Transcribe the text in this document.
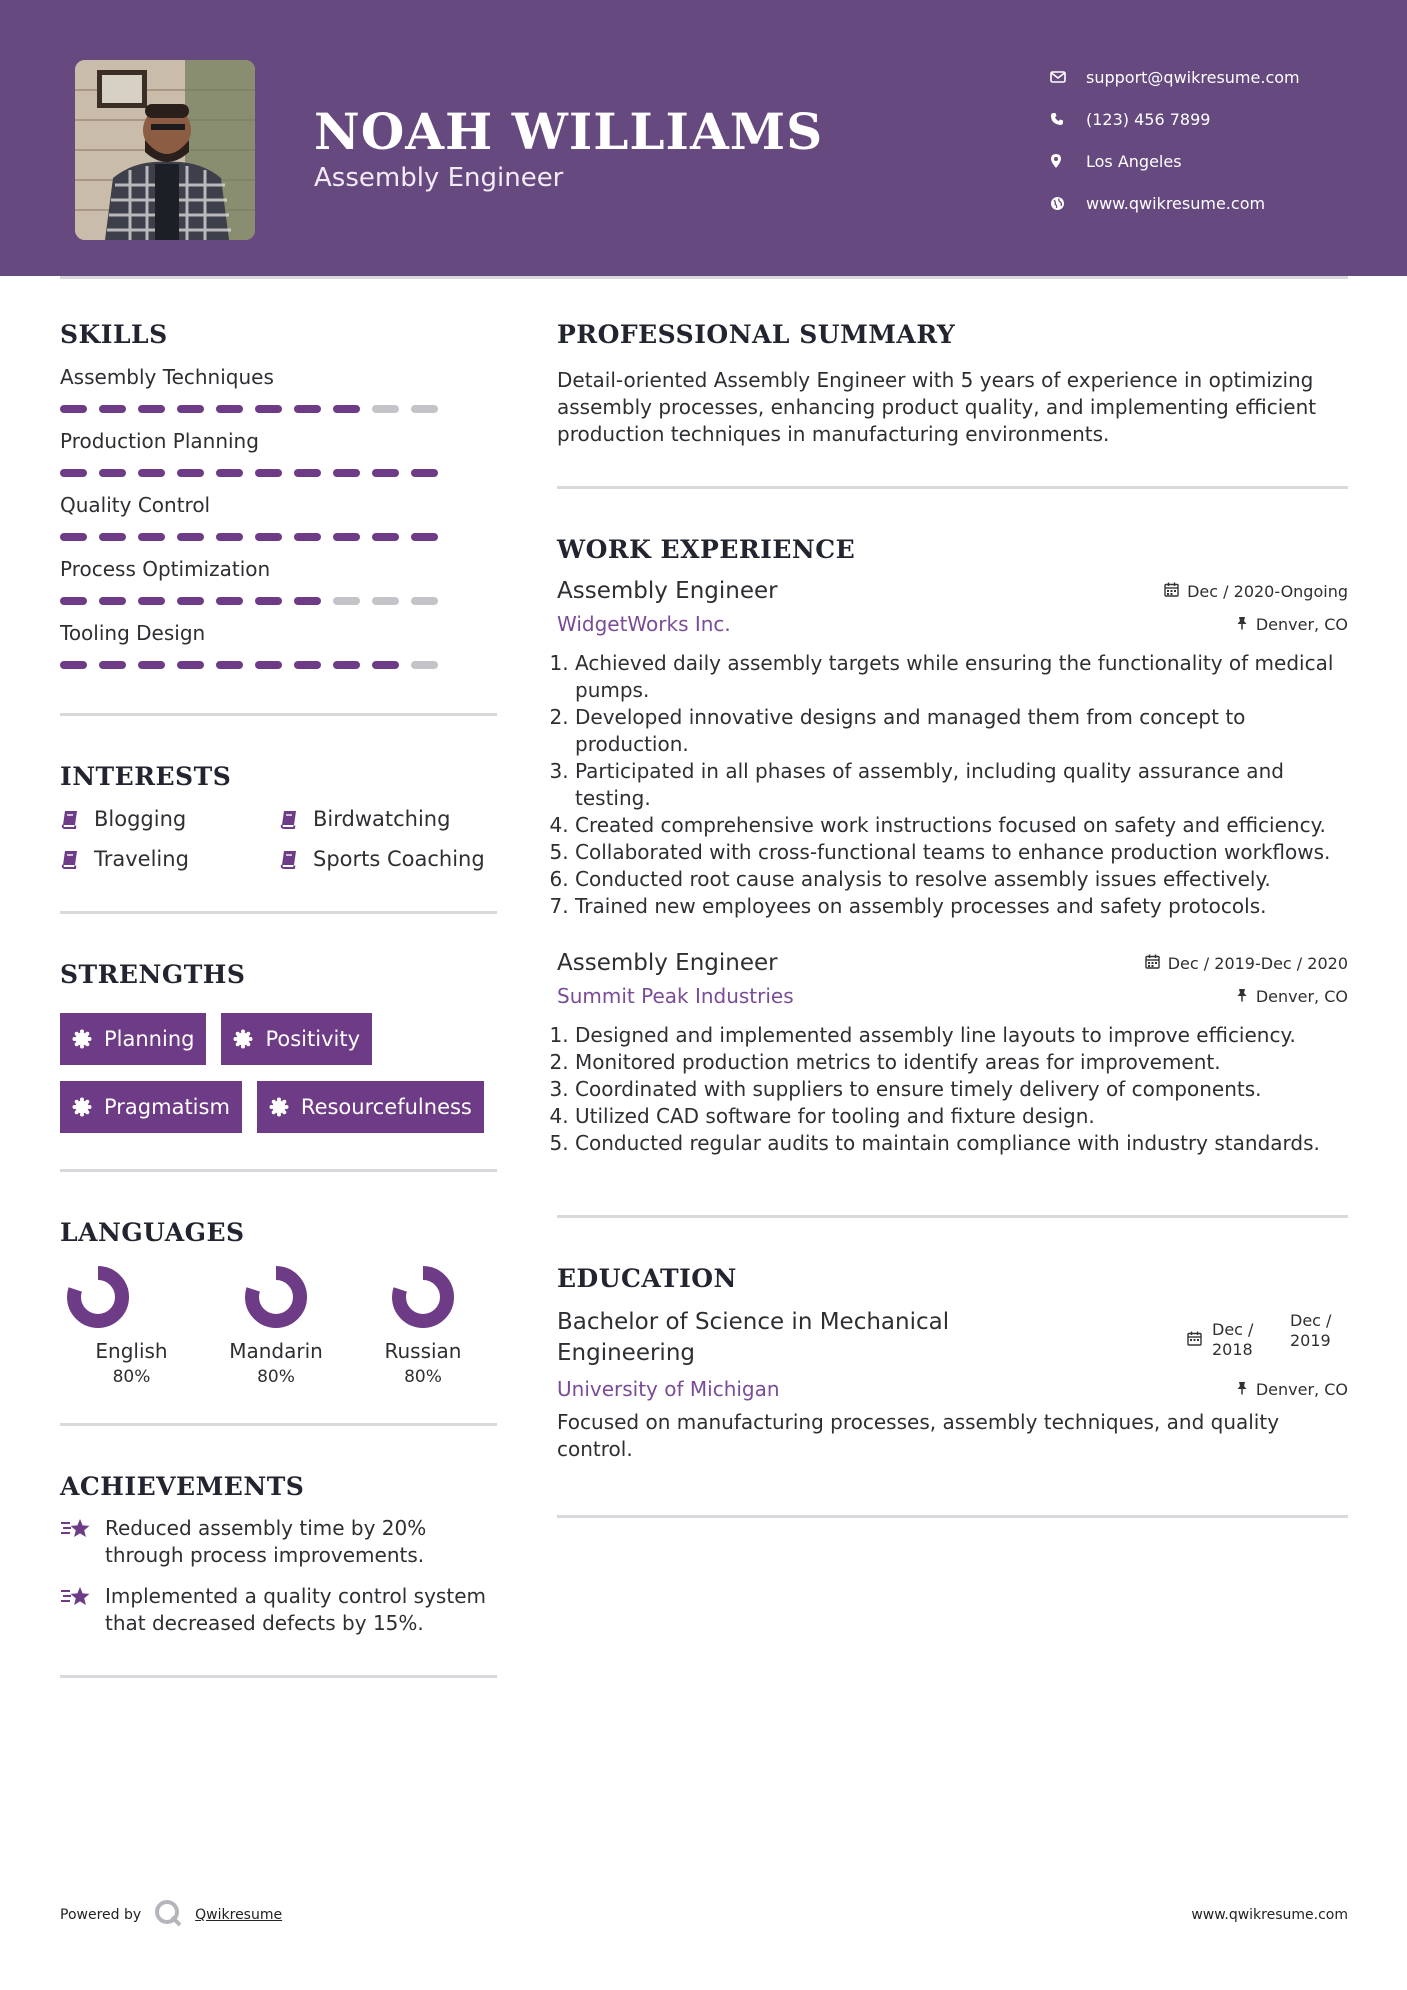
NOAH WILLIAMS
Assembly Engineer
support@qwikresume.com
(123) 456 7899
Los Angeles
www.qwikresume.com
SKILLS
Assembly Techniques
Production Planning
Quality Control
Process Optimization
Tooling Design
INTERESTS
Blogging	Birdwatching
Traveling	Sports Coaching
STRENGTHS
Planning	Positivity
Pragmatism	Resourcefulness
LANGUAGES
English
80%
Mandarin
80%
Russian
80%
ACHIEVEMENTS
Reduced assembly time by 20% through process improvements.
Implemented a quality control system that decreased defects by 15%.
PROFESSIONAL SUMMARY

Detail-oriented Assembly Engineer with 5 years of experience in optimizing assembly processes, enhancing product quality, and implementing efficient production techniques in manufacturing environments.

WORK EXPERIENCE
Assembly Engineer	Dec / 2020-Ongoing
WidgetWorks Inc.	Denver, CO
1. Achieved daily assembly targets while ensuring the functionality of medical pumps.
2. Developed innovative designs and managed them from concept to production.
3. Participated in all phases of assembly, including quality assurance and testing.
4. Created comprehensive work instructions focused on safety and efficiency.
5. Collaborated with cross-functional teams to enhance production workflows.
6. Conducted root cause analysis to resolve assembly issues effectively.
7. Trained new employees on assembly processes and safety protocols.
Assembly Engineer	Dec / 2019-Dec / 2020
Summit Peak Industries	Denver, CO
1. Designed and implemented assembly line layouts to improve efficiency.
2. Monitored production metrics to identify areas for improvement.
3. Coordinated with suppliers to ensure timely delivery of components.
4. Utilized CAD software for tooling and fixture design.
5. Conducted regular audits to maintain compliance with industry standards.
EDUCATION
Bachelor of Science in Mechanical Engineering
Dec / 2018
Dec / 2019
University of Michigan	Denver, CO

Focused on manufacturing processes, assembly techniques, and quality control.

Powered by	Qwikresume	www.qwikresume.com
